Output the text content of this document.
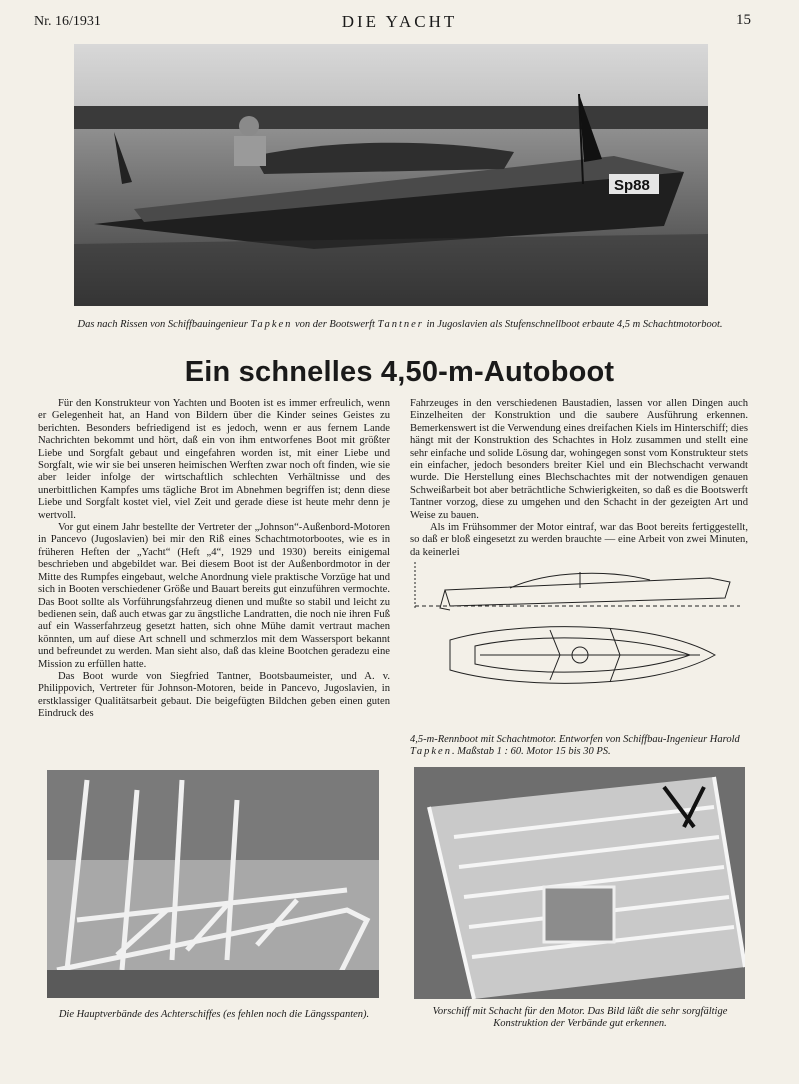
Nr. 16/1931	DIE YACHT	15
Sp88
Das nach Rissen von Schiffbauingenieur Tapken von der Bootswerft Tantner in Jugoslavien als Stufenschnellboot erbaute 4,5 m Schachtmotorboot.
Ein schnelles 4,50-m-Autoboot

Für den Konstrukteur von Yachten und Booten ist es immer erfreulich, wenn er Gelegenheit hat, an Hand von Bildern über die Kinder seines Geistes zu berichten. Besonders befriedigend ist es jedoch, wenn er aus fernem Lande Nachrichten bekommt und hört, daß ein von ihm entworfenes Boot mit größter Liebe und Sorgfalt gebaut und eingefahren worden ist, mit einer Liebe und Sorgfalt, wie wir sie bei unseren heimischen Werften zwar noch oft finden, wie sie aber leider infolge der wirtschaftlich schlechten Verhältnisse und des unerbittlichen Kampfes ums tägliche Brot im Abnehmen begriffen ist; denn diese Liebe und Sorgfalt kostet viel, viel Zeit und gerade diese ist heute mehr denn je wertvoll.

Vor gut einem Jahr bestellte der Vertreter der „Johnson“-Außenbord-Motoren in Pancevo (Jugoslavien) bei mir den Riß eines Schachtmotorbootes, wie es in früheren Heften der „Yacht“ (Heft „4“, 1929 und 1930) bereits einigemal beschrieben und abgebildet war. Bei diesem Boot ist der Außenbordmotor in der Mitte des Rumpfes eingebaut, welche Anordnung viele praktische Vorzüge hat und sich in Booten verschiedener Größe und Bauart bereits gut einzuführen vermochte. Das Boot sollte als Vorführungsfahrzeug dienen und mußte so stabil und leicht zu bedienen sein, daß auch etwas gar zu ängstliche Landratten, die noch nie ihren Fuß auf ein Wasserfahrzeug gesetzt hatten, sich ohne Mühe damit vertraut machen könnten, um auf diese Art schnell und schmerzlos mit dem Wassersport bekannt und befreundet zu werden. Man sieht also, daß das kleine Bootchen geradezu eine Mission zu erfüllen hatte.

Das Boot wurde von Siegfried Tantner, Bootsbaumeister, und A. v. Philippovich, Vertreter für Johnson-Motoren, beide in Pancevo, Jugoslavien, in erstklassiger Qualitätsarbeit gebaut. Die beigefügten Bildchen geben einen guten Eindruck des

Fahrzeuges in den verschiedenen Baustadien, lassen vor allen Dingen auch Einzelheiten der Konstruktion und die saubere Ausführung erkennen. Bemerkenswert ist die Verwendung eines dreifachen Kiels im Hinterschiff; dies hängt mit der Konstruktion des Schachtes in Holz zusammen und stellt eine sehr einfache und solide Lösung dar, wohingegen sonst vom Konstrukteur stets ein einfacher, jedoch besonders breiter Kiel und ein Blechschacht verwandt wurde. Die Herstellung eines Blechschachtes mit der notwendigen genauen Schweißarbeit bot aber beträchtliche Schwierigkeiten, so daß es die Bootswerft Tantner vorzog, diese zu umgehen und den Schacht in der gezeigten Art und Weise zu bauen.

Als im Frühsommer der Motor eintraf, war das Boot bereits fertiggestellt, so daß er bloß eingesetzt zu werden brauchte — eine Arbeit von zwei Minuten, da keinerlei

4,5-m-Rennboot mit Schachtmotor. Entworfen von Schiffbau-Ingenieur Harold Tapken. Maßstab 1 : 60. Motor 15 bis 30 PS.
Die Hauptverbände des Achterschiffes (es fehlen noch die Längsspanten).	Vorschiff mit Schacht für den Motor. Das Bild läßt die sehr sorgfältige Konstruktion der Verbände gut erkennen.
